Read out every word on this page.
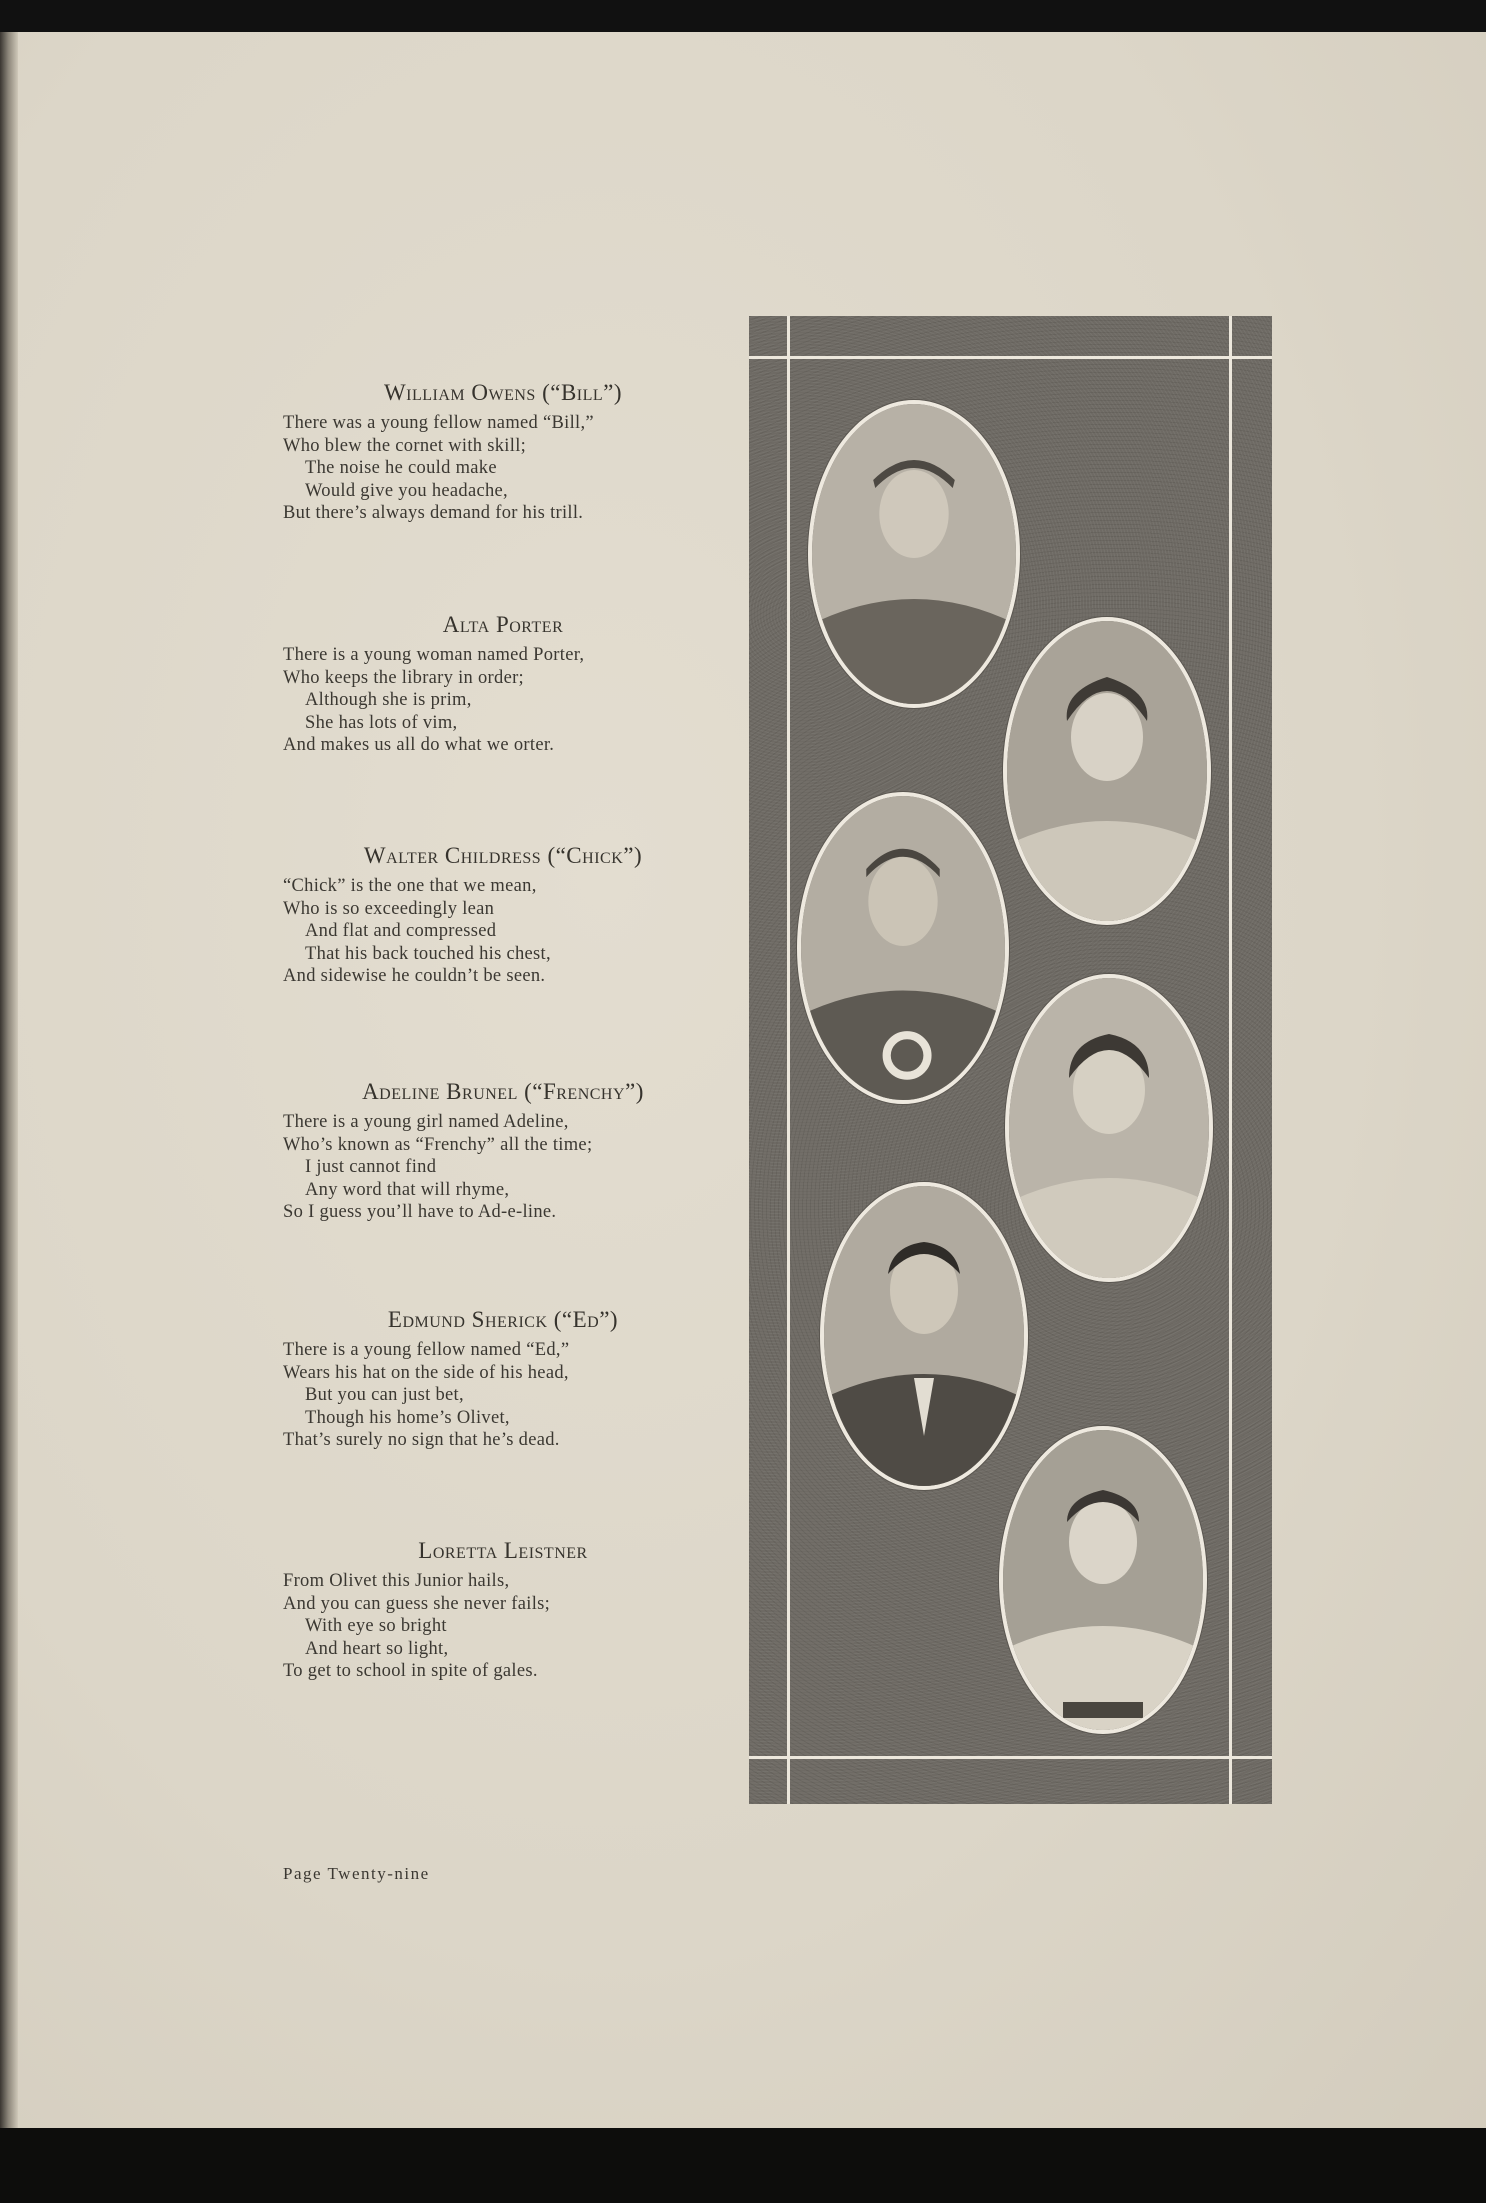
William Owens (“Bill”)
There was a young fellow named “Bill,”
Who blew the cornet with skill;
The noise he could make
Would give you headache,
But there’s always demand for his trill.
Alta Porter
There is a young woman named Porter,
Who keeps the library in order;
Although she is prim,
She has lots of vim,
And makes us all do what we orter.
Walter Childress (“Chick”)
“Chick” is the one that we mean,
Who is so exceedingly lean
And flat and compressed
That his back touched his chest,
And sidewise he couldn’t be seen.
Adeline Brunel (“Frenchy”)
There is a young girl named Adeline,
Who’s known as “Frenchy” all the time;
I just cannot find
Any word that will rhyme,
So I guess you’ll have to Ad-e-line.
Edmund Sherick (“Ed”)
There is a young fellow named “Ed,”
Wears his hat on the side of his head,
But you can just bet,
Though his home’s Olivet,
That’s surely no sign that he’s dead.
Loretta Leistner
From Olivet this Junior hails,
And you can guess she never fails;
With eye so bright
And heart so light,
To get to school in spite of gales.
Page Twenty-nine
